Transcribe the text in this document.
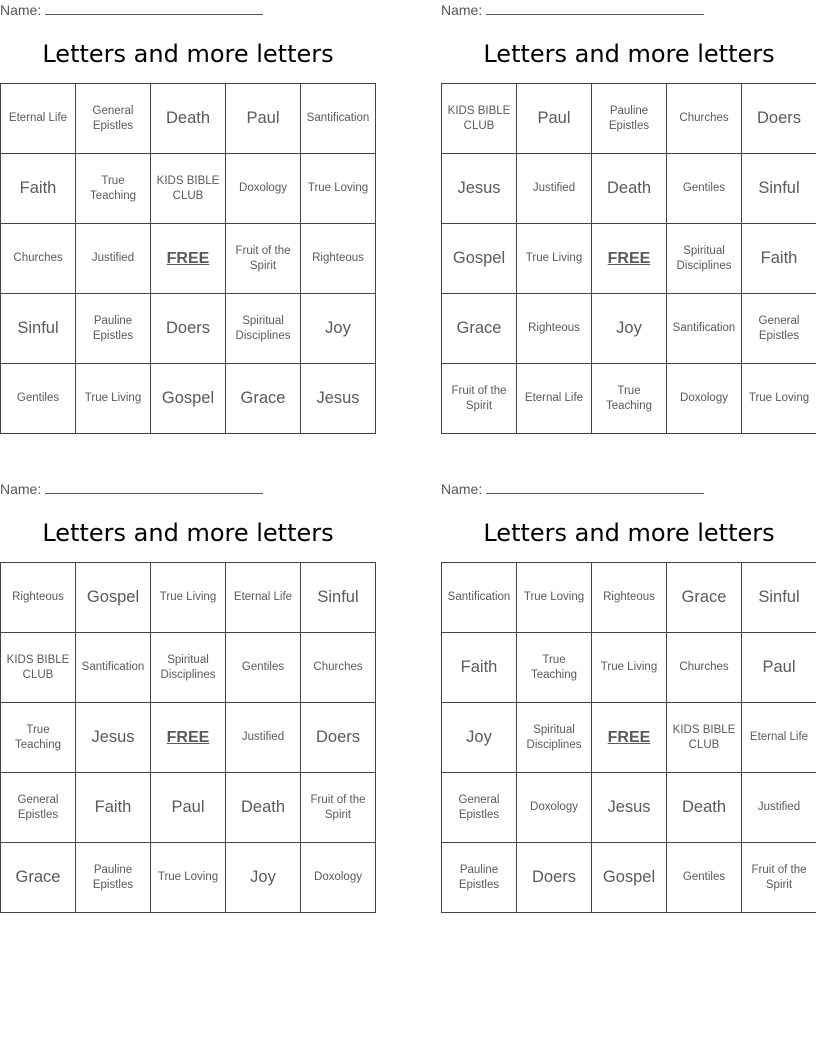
Name:
Letters and more letters
Eternal Life	General Epistles	Death	Paul	Santification
Faith	True Teaching	KIDS BIBLE CLUB	Doxology	True Loving
Churches	Justified	FREE	Fruit of the Spirit	Righteous
Sinful	Pauline Epistles	Doers	Spiritual Disciplines	Joy
Gentiles	True Living	Gospel	Grace	Jesus
Name:
Letters and more letters
KIDS BIBLE CLUB	Paul	Pauline Epistles	Churches	Doers
Jesus	Justified	Death	Gentiles	Sinful
Gospel	True Living	FREE	Spiritual Disciplines	Faith
Grace	Righteous	Joy	Santification	General Epistles
Fruit of the Spirit	Eternal Life	True Teaching	Doxology	True Loving
Name:
Letters and more letters
Righteous	Gospel	True Living	Eternal Life	Sinful
KIDS BIBLE CLUB	Santification	Spiritual Disciplines	Gentiles	Churches
True Teaching	Jesus	FREE	Justified	Doers
General Epistles	Faith	Paul	Death	Fruit of the Spirit
Grace	Pauline Epistles	True Loving	Joy	Doxology
Name:
Letters and more letters
Santification	True Loving	Righteous	Grace	Sinful
Faith	True Teaching	True Living	Churches	Paul
Joy	Spiritual Disciplines	FREE	KIDS BIBLE CLUB	Eternal Life
General Epistles	Doxology	Jesus	Death	Justified
Pauline Epistles	Doers	Gospel	Gentiles	Fruit of the Spirit
